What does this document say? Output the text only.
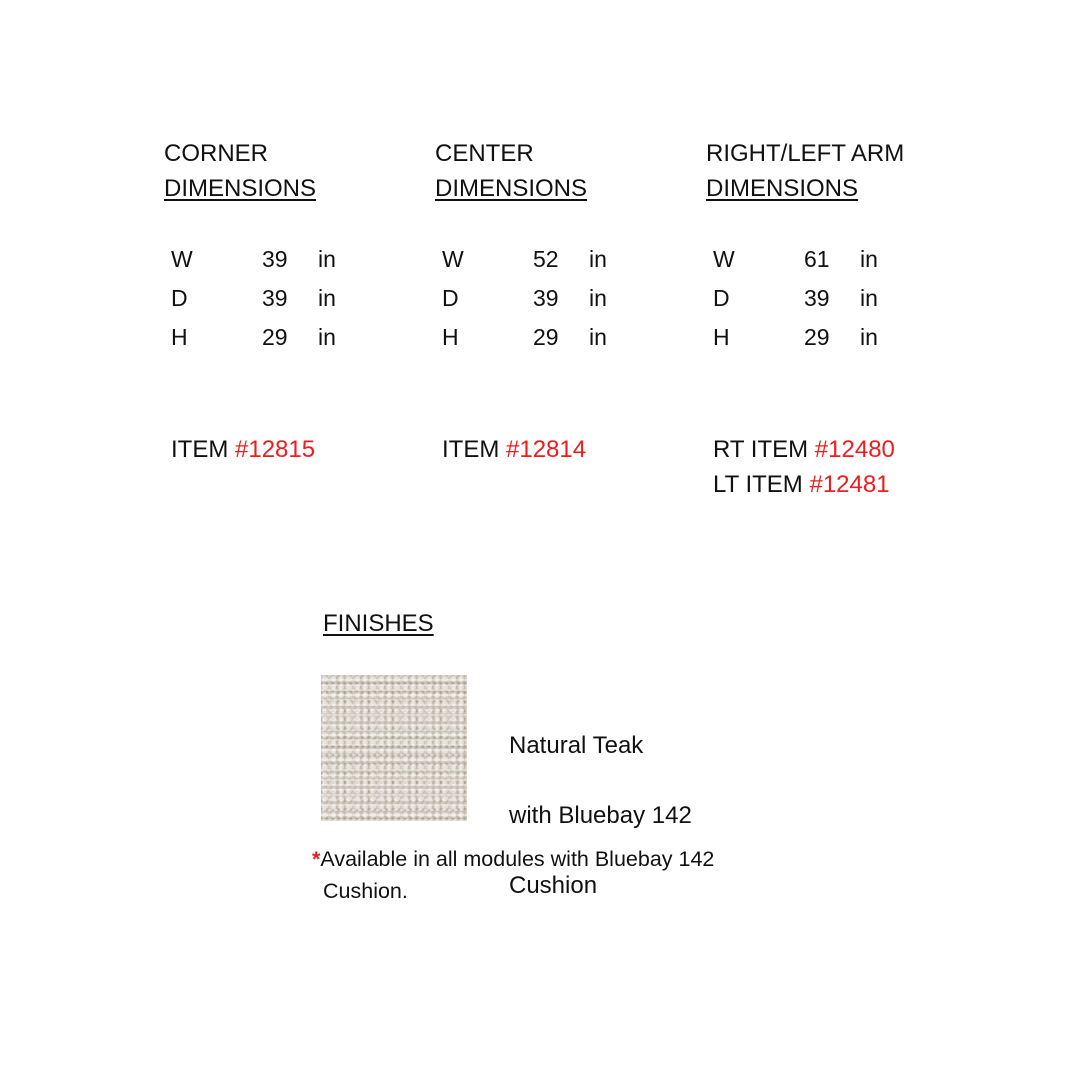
CORNER
DIMENSIONS

W	39	in
D	39	in
H	29	in
ITEM #12815

CENTER
DIMENSIONS

W	52	in
D	39	in
H	29	in
ITEM #12814

RIGHT/LEFT ARM
DIMENSIONS

W	61	in
D	39	in
H	29	in
RT ITEM #12480
LT ITEM #12481
FINISHES

Natural Teak

with Bluebay 142

Cushion

*Available in all modules with Bluebay 142
Cushion.
